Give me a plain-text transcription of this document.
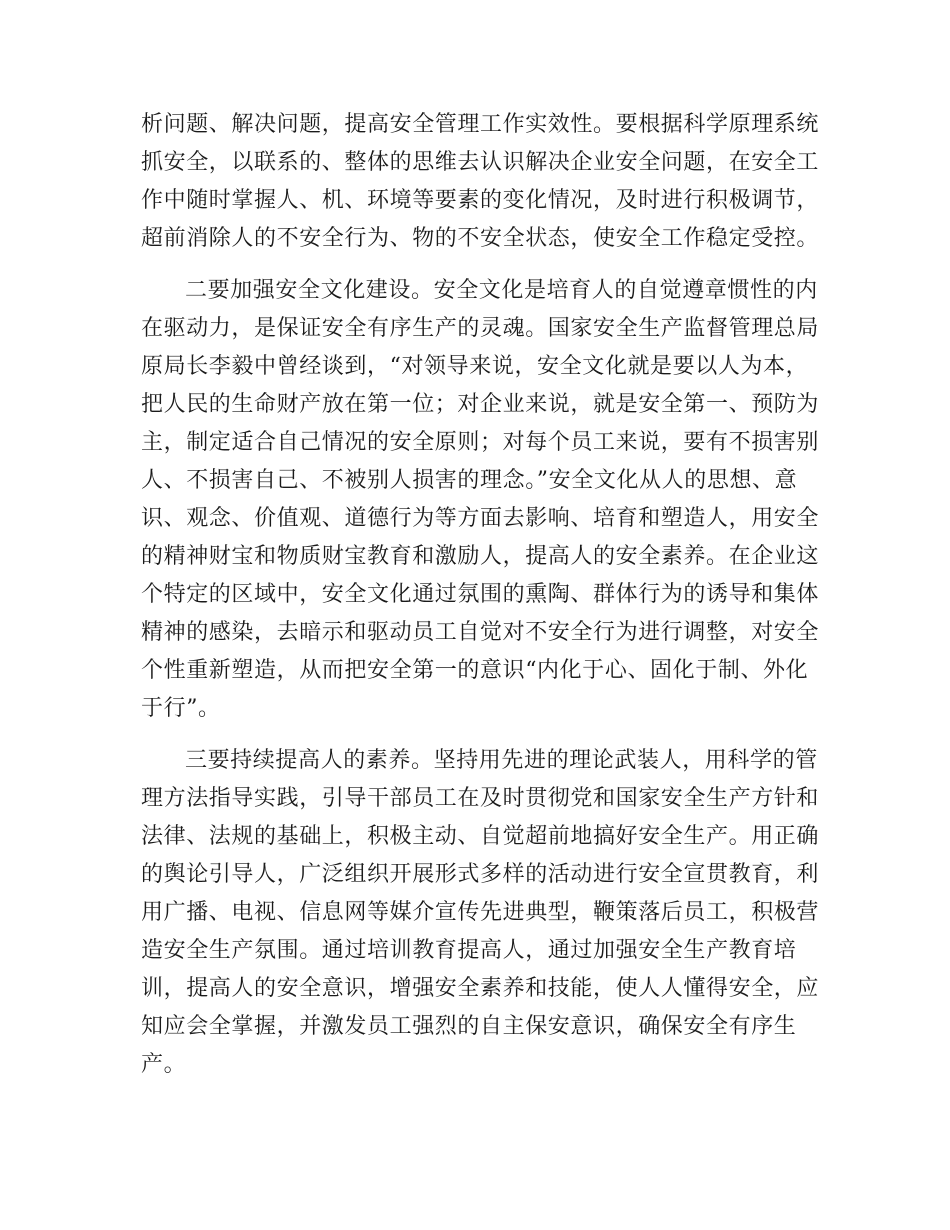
析问题、解决问题，提高安全管理工作实效性。要根据科学原理系统
抓安全，以联系的、整体的思维去认识解决企业安全问题，在安全工
作中随时掌握人、机、环境等要素的变化情况，及时进行积极调节，
超前消除人的不安全行为、物的不安全状态，使安全工作稳定受控。
二要加强安全文化建设。安全文化是培育人的自觉遵章惯性的内
在驱动力，是保证安全有序生产的灵魂。国家安全生产监督管理总局
原局长李毅中曾经谈到，“对领导来说，安全文化就是要以人为本，
把人民的生命财产放在第一位；对企业来说，就是安全第一、预防为
主，制定适合自己情况的安全原则；对每个员工来说，要有不损害别
人、不损害自己、不被别人损害的理念。”安全文化从人的思想、意
识、观念、价值观、道德行为等方面去影响、培育和塑造人，用安全
的精神财宝和物质财宝教育和激励人，提高人的安全素养。在企业这
个特定的区域中，安全文化通过氛围的熏陶、群体行为的诱导和集体
精神的感染，去暗示和驱动员工自觉对不安全行为进行调整，对安全
个性重新塑造，从而把安全第一的意识“内化于心、固化于制、外化
于行”。
三要持续提高人的素养。坚持用先进的理论武装人，用科学的管
理方法指导实践，引导干部员工在及时贯彻党和国家安全生产方针和
法律、法规的基础上，积极主动、自觉超前地搞好安全生产。用正确
的舆论引导人，广泛组织开展形式多样的活动进行安全宣贯教育，利
用广播、电视、信息网等媒介宣传先进典型，鞭策落后员工，积极营
造安全生产氛围。通过培训教育提高人，通过加强安全生产教育培
训，提高人的安全意识，增强安全素养和技能，使人人懂得安全，应
知应会全掌握，并激发员工强烈的自主保安意识，确保安全有序生
产。
